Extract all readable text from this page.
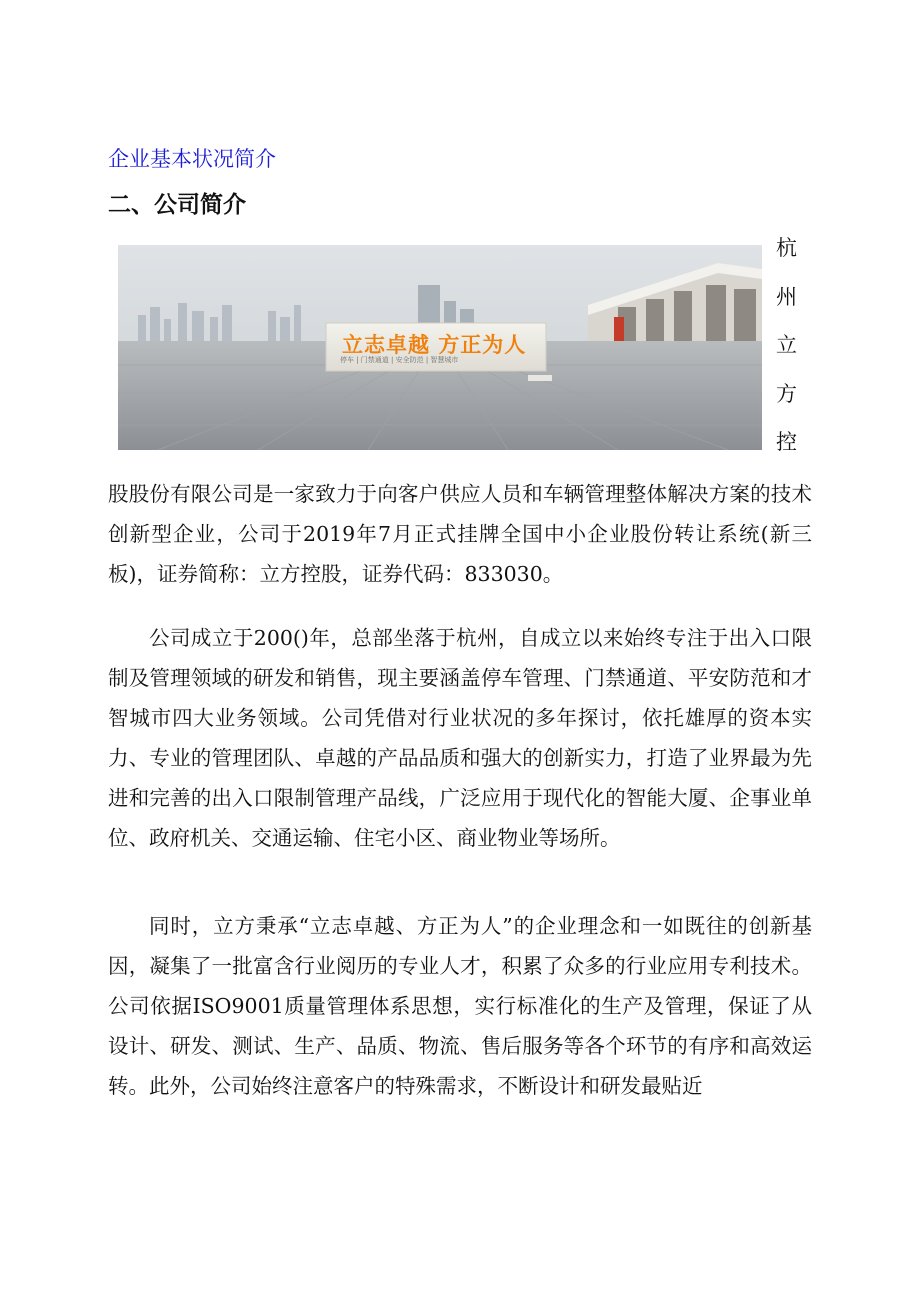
企业基本状况简介
二、公司简介
立志卓越 方正为人
停车 | 门禁通道 | 安全防范 | 智慧城市
杭
州
立
方
控

股股份有限公司是一家致力于向客户供应人员和车辆管理整体解决方案的技术创新型企业，公司于2019年7月正式挂牌全国中小企业股份转让系统(新三板)，证券简称：立方控股，证券代码：833030。

公司成立于200()年，总部坐落于杭州，自成立以来始终专注于出入口限制及管理领域的研发和销售，现主要涵盖停车管理、门禁通道、平安防范和才智城市四大业务领域。公司凭借对行业状况的多年探讨，依托雄厚的资本实力、专业的管理团队、卓越的产品品质和强大的创新实力，打造了业界最为先进和完善的出入口限制管理产品线，广泛应用于现代化的智能大厦、企事业单位、政府机关、交通运输、住宅小区、商业物业等场所。

同时，立方秉承“立志卓越、方正为人”的企业理念和一如既往的创新基因，凝集了一批富含行业阅历的专业人才，积累了众多的行业应用专利技术。公司依据ISO9001质量管理体系思想，实行标准化的生产及管理，保证了从设计、研发、测试、生产、品质、物流、售后服务等各个环节的有序和高效运转。此外，公司始终注意客户的特殊需求，不断设计和研发最贴近
